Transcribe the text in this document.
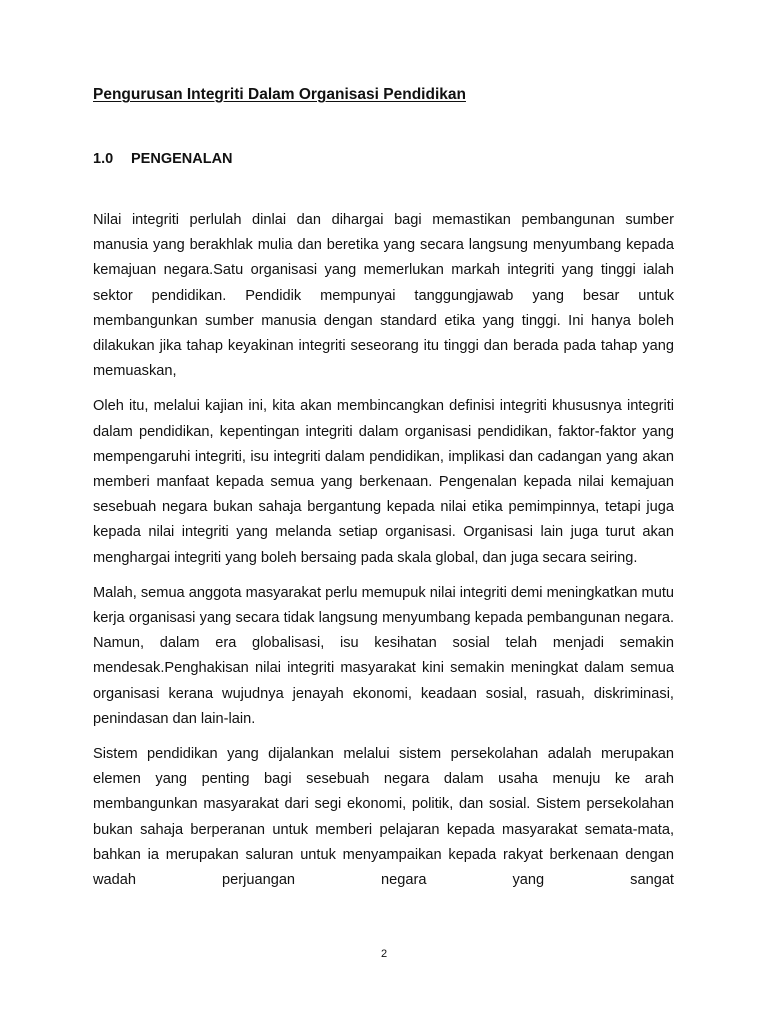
Pengurusan Integriti Dalam Organisasi Pendidikan
1.0 PENGENALAN

Nilai integriti perlulah dinlai dan dihargai bagi memastikan pembangunan sumber manusia yang berakhlak mulia dan beretika yang secara langsung menyumbang kepada kemajuan negara.Satu organisasi yang memerlukan markah integriti yang tinggi ialah sektor pendidikan. Pendidik mempunyai tanggungjawab yang besar untuk membangunkan sumber manusia dengan standard etika yang tinggi. Ini hanya boleh dilakukan jika tahap keyakinan integriti seseorang itu tinggi dan berada pada tahap yang memuaskan,

Oleh itu, melalui kajian ini, kita akan membincangkan definisi integriti khususnya integriti dalam pendidikan, kepentingan integriti dalam organisasi pendidikan, faktor-faktor yang mempengaruhi integriti, isu integriti dalam pendidikan, implikasi dan cadangan yang akan memberi manfaat kepada semua yang berkenaan. Pengenalan kepada nilai kemajuan sesebuah negara bukan sahaja bergantung kepada nilai etika pemimpinnya, tetapi juga kepada nilai integriti yang melanda setiap organisasi. Organisasi lain juga turut akan menghargai integriti yang boleh bersaing pada skala global, dan juga secara seiring.

Malah, semua anggota masyarakat perlu memupuk nilai integriti demi meningkatkan mutu kerja organisasi yang secara tidak langsung menyumbang kepada pembangunan negara. Namun, dalam era globalisasi, isu kesihatan sosial telah menjadi semakin mendesak.Penghakisan nilai integriti masyarakat kini semakin meningkat dalam semua organisasi kerana wujudnya jenayah ekonomi, keadaan sosial, rasuah, diskriminasi, penindasan dan lain-lain.

Sistem pendidikan yang dijalankan melalui sistem persekolahan adalah merupakan elemen yang penting bagi sesebuah negara dalam usaha menuju ke arah membangunkan masyarakat dari segi ekonomi, politik, dan sosial. Sistem persekolahan bukan sahaja berperanan untuk memberi pelajaran kepada masyarakat semata-mata, bahkan ia merupakan saluran untuk menyampaikan kepada rakyat berkenaan dengan wadah perjuangan negara yang sangat

2
